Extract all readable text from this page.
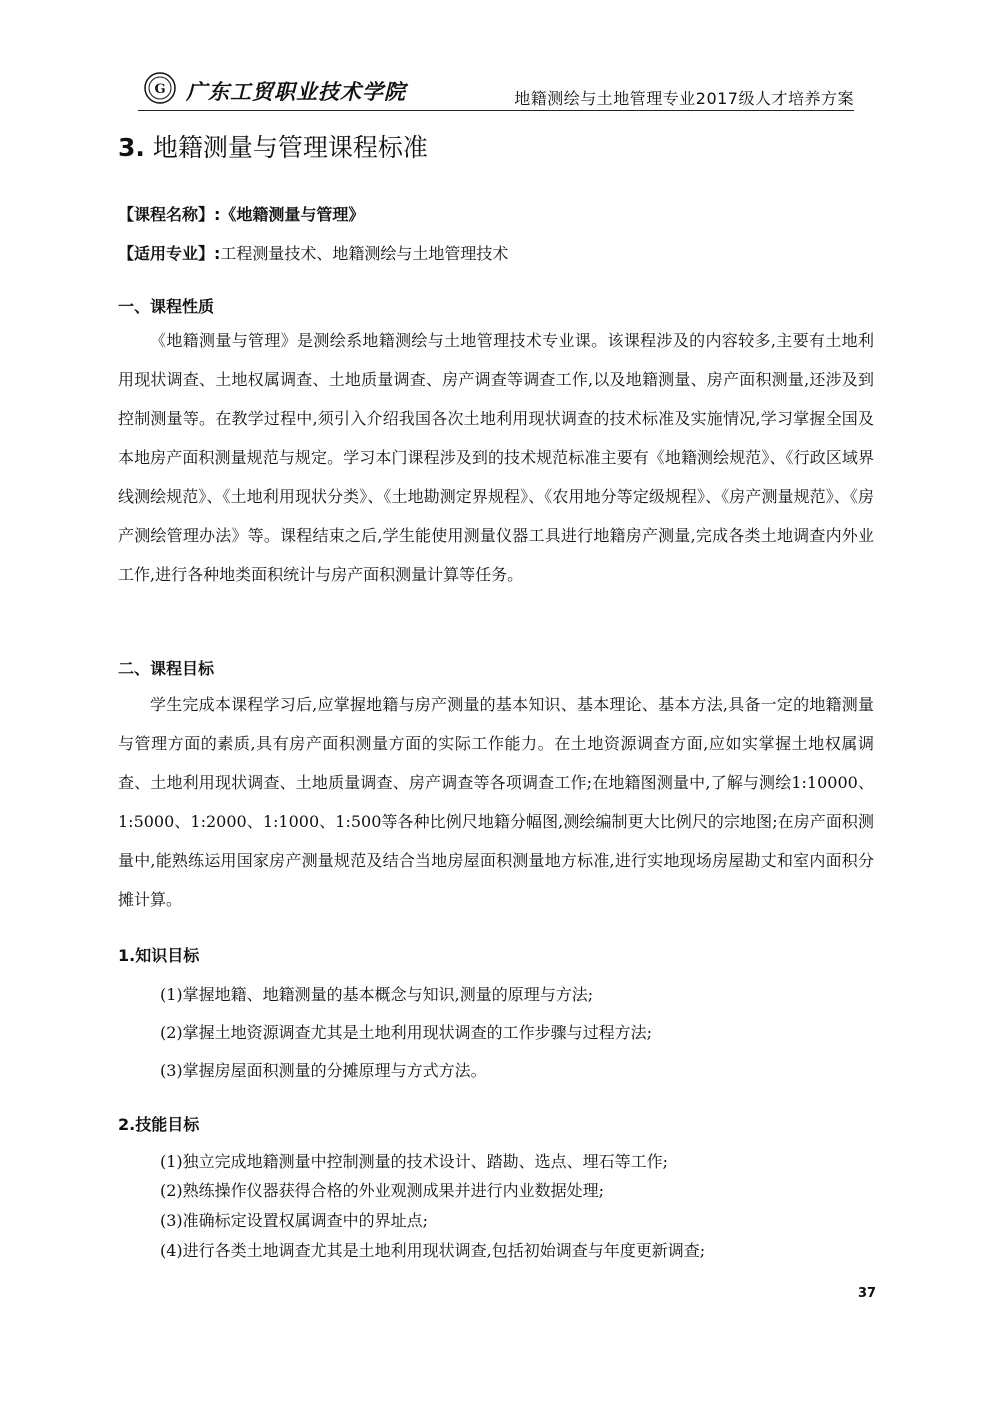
G 广东工贸职业技术学院	地籍测绘与土地管理专业2017级人才培养方案
3. 地籍测量与管理课程标准
【课程名称】:《地籍测量与管理》
【适用专业】:工程测量技术、地籍测绘与土地管理技术
一、课程性质
《地籍测量与管理》是测绘系地籍测绘与土地管理技术专业课。该课程涉及的内容较多,主要有土地利用现状调查、土地权属调查、土地质量调查、房产调查等调查工作,以及地籍测量、房产面积测量,还涉及到控制测量等。在教学过程中,须引入介绍我国各次土地利用现状调查的技术标准及实施情况,学习掌握全国及本地房产面积测量规范与规定。学习本门课程涉及到的技术规范标准主要有《地籍测绘规范》、《行政区域界线测绘规范》、《土地利用现状分类》、《土地勘测定界规程》、《农用地分等定级规程》、《房产测量规范》、《房产测绘管理办法》等。课程结束之后,学生能使用测量仪器工具进行地籍房产测量,完成各类土地调查内外业工作,进行各种地类面积统计与房产面积测量计算等任务。
二、课程目标
学生完成本课程学习后,应掌握地籍与房产测量的基本知识、基本理论、基本方法,具备一定的地籍测量与管理方面的素质,具有房产面积测量方面的实际工作能力。在土地资源调查方面,应如实掌握土地权属调查、土地利用现状调查、土地质量调查、房产调查等各项调查工作;在地籍图测量中,了解与测绘1:10000、1:5000、1:2000、1:1000、1:500等各种比例尺地籍分幅图,测绘编制更大比例尺的宗地图;在房产面积测量中,能熟练运用国家房产测量规范及结合当地房屋面积测量地方标准,进行实地现场房屋勘丈和室内面积分摊计算。
1.知识目标
(1)掌握地籍、地籍测量的基本概念与知识,测量的原理与方法;
(2)掌握土地资源调查尤其是土地利用现状调查的工作步骤与过程方法;
(3)掌握房屋面积测量的分摊原理与方式方法。
2.技能目标
(1)独立完成地籍测量中控制测量的技术设计、踏勘、选点、埋石等工作;
(2)熟练操作仪器获得合格的外业观测成果并进行内业数据处理;
(3)准确标定设置权属调查中的界址点;
(4)进行各类土地调查尤其是土地利用现状调查,包括初始调查与年度更新调查;
37
